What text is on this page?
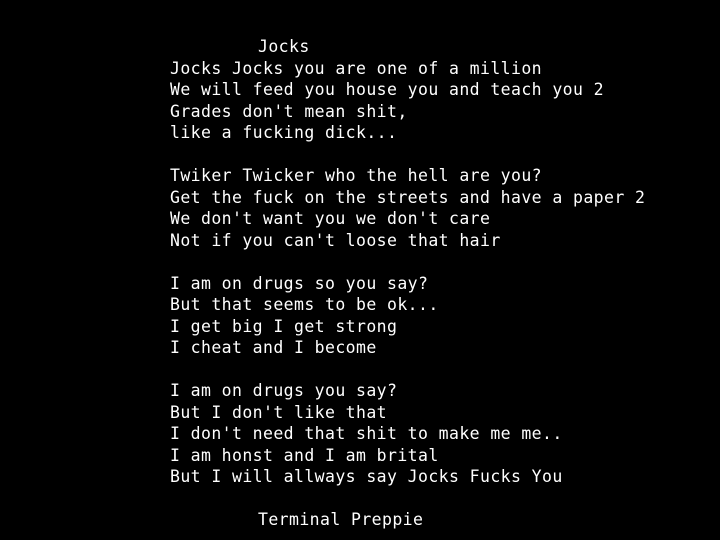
Jocks
Jocks Jocks you are one of a million
We will feed you house you and teach you 2
Grades don't mean shit,
like a fucking dick...

Twiker Twicker who the hell are you?
Get the fuck on the streets and have a paper 2
We don't want you we don't care
Not if you can't loose that hair

I am on drugs so you say?
But that seems to be ok...
I get big I get strong
I cheat and I become

I am on drugs you say?
But I don't like that
I don't need that shit to make me me..
I am honst and I am brital
But I will allways say Jocks Fucks You

Terminal Preppie
